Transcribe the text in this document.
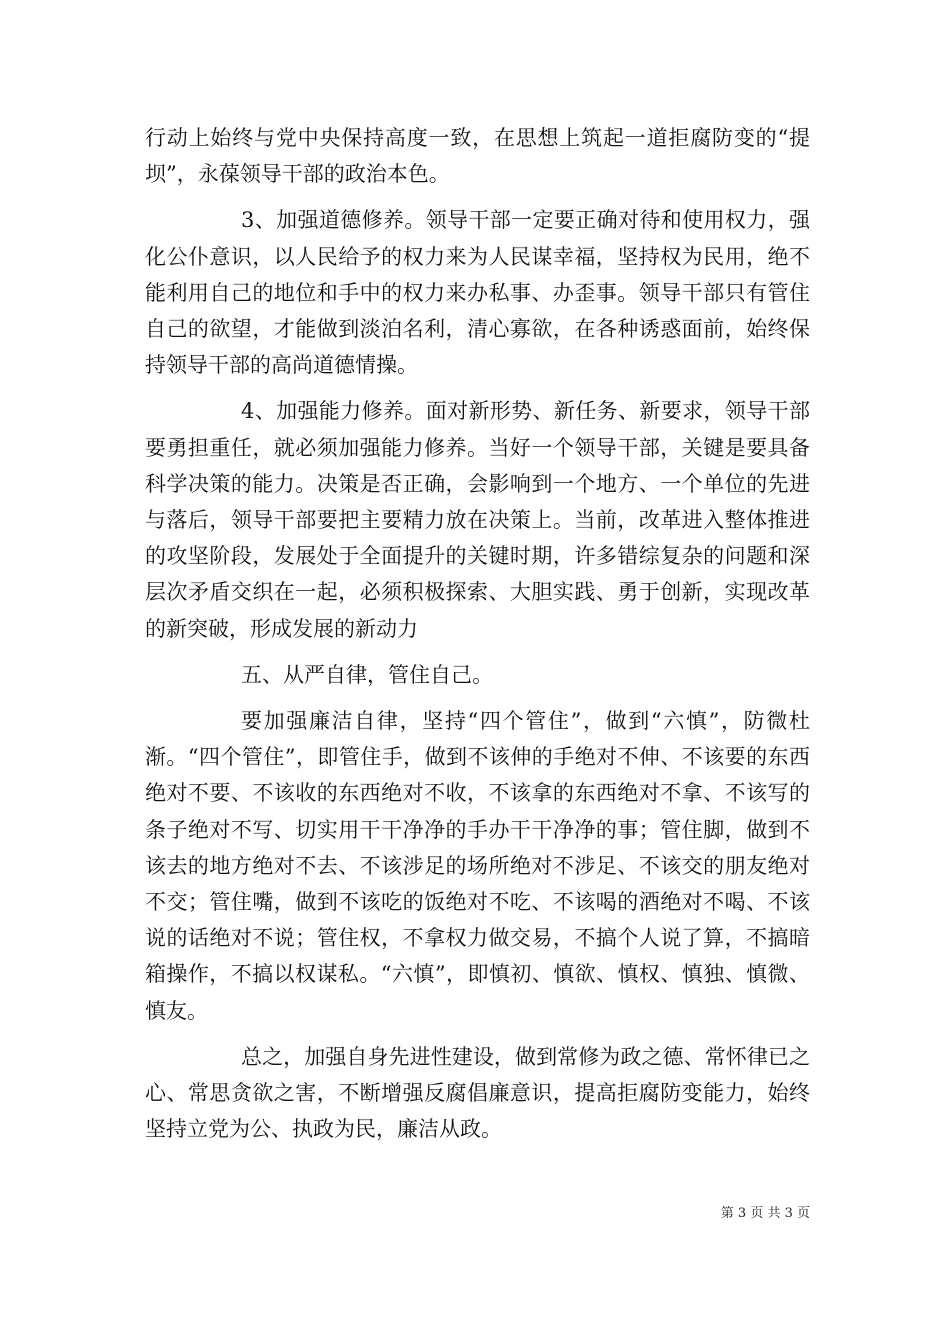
行动上始终与党中央保持高度一致，在思想上筑起一道拒腐防变的“提坝”，永葆领导干部的政治本色。

3、加强道德修养。领导干部一定要正确对待和使用权力，强化公仆意识，以人民给予的权力来为人民谋幸福，坚持权为民用，绝不能利用自己的地位和手中的权力来办私事、办歪事。领导干部只有管住自己的欲望，才能做到淡泊名利，清心寡欲，在各种诱惑面前，始终保持领导干部的高尚道德情操。

4、加强能力修养。面对新形势、新任务、新要求，领导干部要勇担重任，就必须加强能力修养。当好一个领导干部，关键是要具备科学决策的能力。决策是否正确，会影响到一个地方、一个单位的先进与落后，领导干部要把主要精力放在决策上。当前，改革进入整体推进的攻坚阶段，发展处于全面提升的关键时期，许多错综复杂的问题和深层次矛盾交织在一起，必须积极探索、大胆实践、勇于创新，实现改革的新突破，形成发展的新动力

五、从严自律，管住自己。

要加强廉洁自律，坚持“四个管住”，做到“六慎”，防微杜渐。“四个管住”，即管住手，做到不该伸的手绝对不伸、不该要的东西绝对不要、不该收的东西绝对不收，不该拿的东西绝对不拿、不该写的条子绝对不写、切实用干干净净的手办干干净净的事；管住脚，做到不该去的地方绝对不去、不该涉足的场所绝对不涉足、不该交的朋友绝对不交；管住嘴，做到不该吃的饭绝对不吃、不该喝的酒绝对不喝、不该说的话绝对不说；管住权，不拿权力做交易，不搞个人说了算，不搞暗箱操作，不搞以权谋私。“六慎”，即慎初、慎欲、慎权、慎独、慎微、慎友。

总之，加强自身先进性建设，做到常修为政之德、常怀律已之心、常思贪欲之害，不断增强反腐倡廉意识，提高拒腐防变能力，始终坚持立党为公、执政为民，廉洁从政。

第 3 页 共 3 页
